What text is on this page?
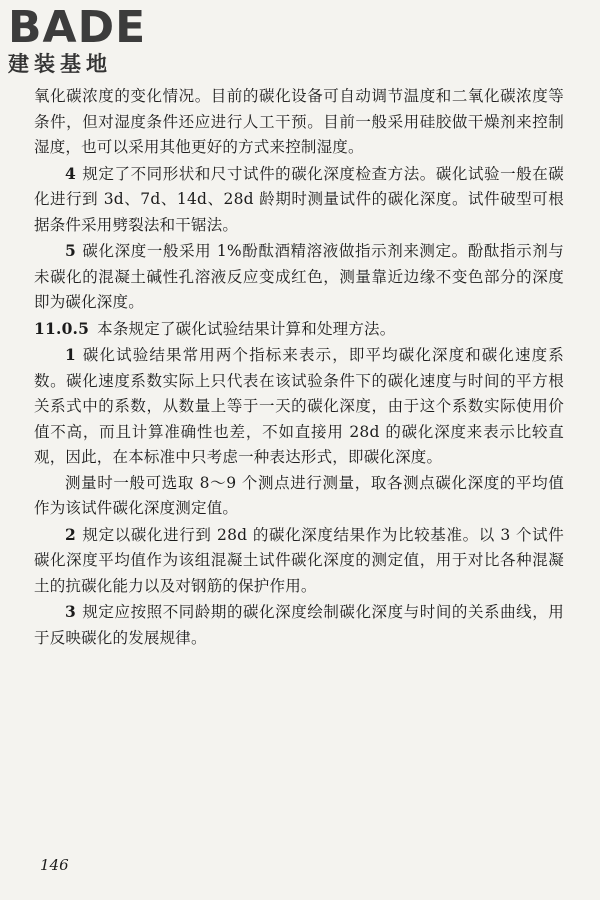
BADE
建装基地

氧化碳浓度的变化情况。目前的碳化设备可自动调节温度和二氧化碳浓度等条件，但对湿度条件还应进行人工干预。目前一般采用硅胶做干燥剂来控制湿度，也可以采用其他更好的方式来控制湿度。

4 规定了不同形状和尺寸试件的碳化深度检查方法。碳化试验一般在碳化进行到 3d、7d、14d、28d 龄期时测量试件的碳化深度。试件破型可根据条件采用劈裂法和干锯法。

5 碳化深度一般采用 1%酚酞酒精溶液做指示剂来测定。酚酞指示剂与未碳化的混凝土碱性孔溶液反应变成红色，测量靠近边缘不变色部分的深度即为碳化深度。

11.0.5 本条规定了碳化试验结果计算和处理方法。

1 碳化试验结果常用两个指标来表示，即平均碳化深度和碳化速度系数。碳化速度系数实际上只代表在该试验条件下的碳化速度与时间的平方根关系式中的系数，从数量上等于一天的碳化深度，由于这个系数实际使用价值不高，而且计算准确性也差，不如直接用 28d 的碳化深度来表示比较直观，因此，在本标准中只考虑一种表达形式，即碳化深度。

测量时一般可选取 8～9 个测点进行测量，取各测点碳化深度的平均值作为该试件碳化深度测定值。

2 规定以碳化进行到 28d 的碳化深度结果作为比较基准。以 3 个试件碳化深度平均值作为该组混凝土试件碳化深度的测定值，用于对比各种混凝土的抗碳化能力以及对钢筋的保护作用。

3 规定应按照不同龄期的碳化深度绘制碳化深度与时间的关系曲线，用于反映碳化的发展规律。

146
